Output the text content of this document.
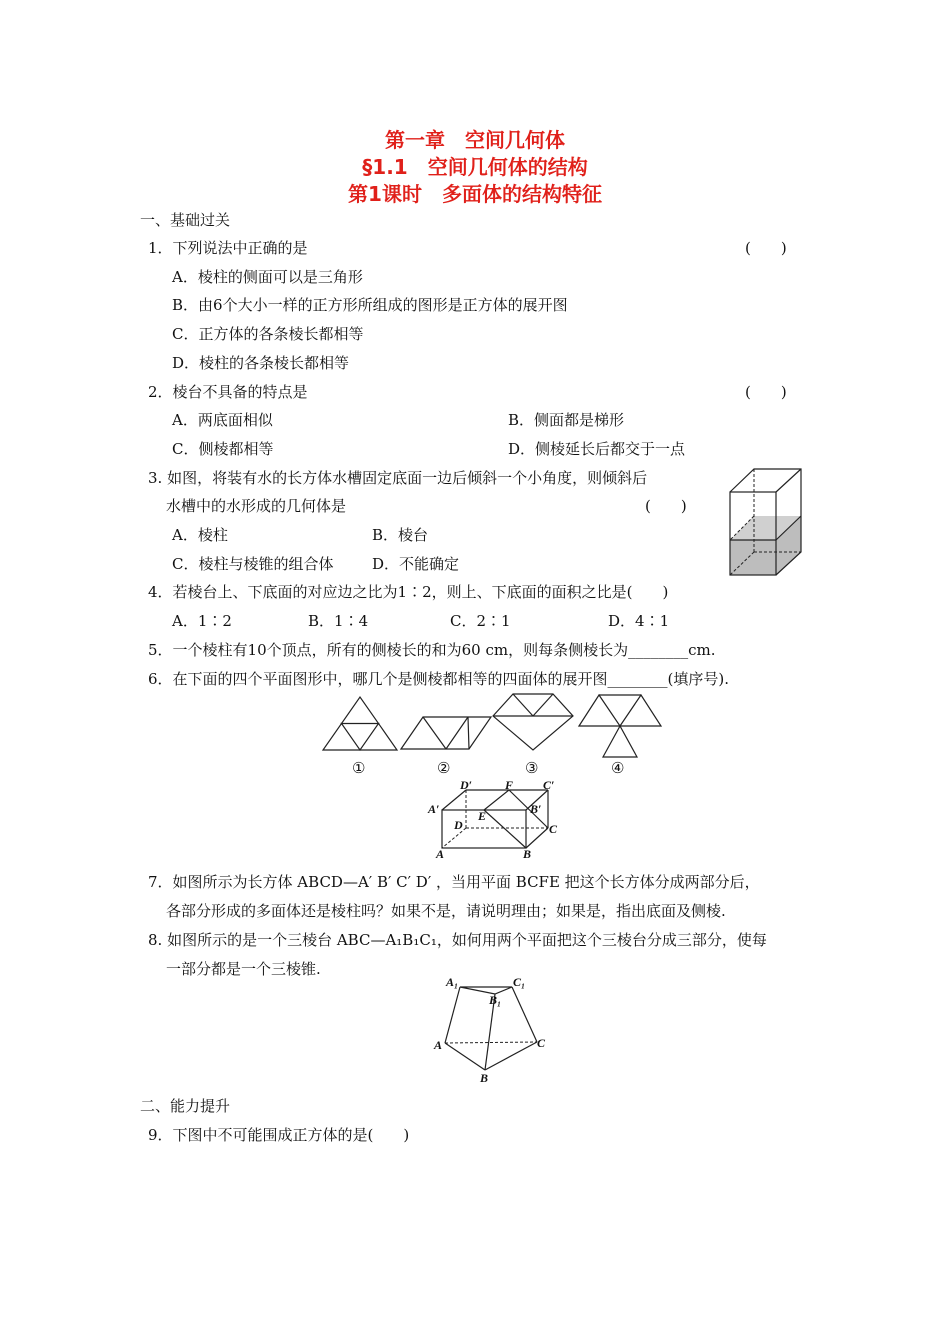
第一章　空间几何体
§1.1　空间几何体的结构
第1课时　多面体的结构特征
一、基础过关
1．下列说法中正确的是	(　　)
A．棱柱的侧面可以是三角形
B．由6个大小一样的正方形所组成的图形是正方体的展开图
C．正方体的各条棱长都相等
D．棱柱的各条棱长都相等
2．棱台不具备的特点是	(　　)
A．两底面相似	B．侧面都是梯形
C．侧棱都相等	D．侧棱延长后都交于一点
3. 如图，将装有水的长方体水槽固定底面一边后倾斜一个小角度，则倾斜后
水槽中的水形成的几何体是	(　　)
A．棱柱	B．棱台
C．棱柱与棱锥的组合体	D．不能确定
4．若棱台上、下底面的对应边之比为1∶2，则上、下底面的面积之比是(　　)
A．1∶2	B．1∶4	C．2∶1	D．4∶1
5．一个棱柱有10个顶点，所有的侧棱长的和为60 cm，则每条侧棱长为________cm.
6．在下面的四个平面图形中，哪几个是侧棱都相等的四面体的展开图________(填序号).
①	②	③	④
D′	F C′
A′	B′
E
D	C
A	B
7．如图所示为长方体 ABCD—A′ B′ C′ D′ ，当用平面 BCFE 把这个长方体分成两部分后，
各部分形成的多面体还是棱柱吗？如果不是，请说明理由；如果是，指出底面及侧棱.
8. 如图所示的是一个三棱台 ABC—A₁B₁C₁，如何用两个平面把这个三棱台分成三部分，使每
一部分都是一个三棱锥.
A₁	C₁
B₁
A	C
B
二、能力提升
9．下图中不可能围成正方体的是(　　)
